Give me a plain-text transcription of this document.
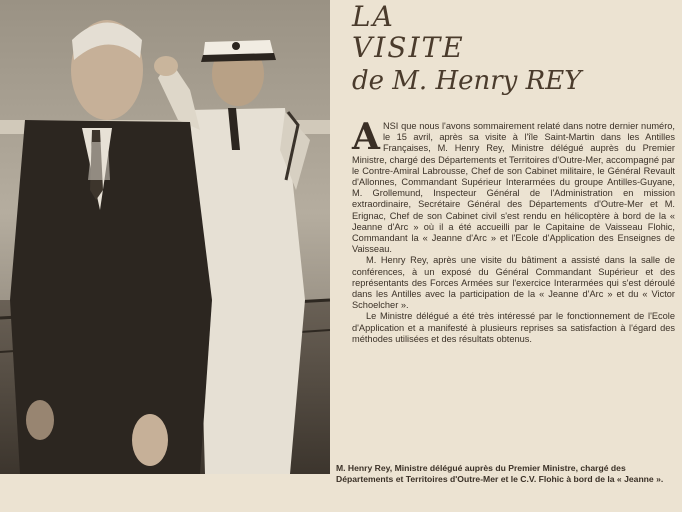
LA
VISITE
de M. Henry REY

ANSI que nous l'avons sommairement relaté dans notre dernier numéro, le 15 avril, après sa visite à l'île Saint-Martin dans les Antilles Françaises, M. Henry Rey, Ministre délégué auprès du Premier Ministre, chargé des Départements et Territoires d'Outre-Mer, accompagné par le Contre-Amiral Labrousse, Chef de son Cabinet militaire, le Général Revault d'Allonnes, Commandant Supérieur Interarmées du groupe Antilles-Guyane, M. Grollemund, Inspecteur Général de l'Administration en mission extraordinaire, Secrétaire Général des Départements d'Outre-Mer et M. Erignac, Chef de son Cabinet civil s'est rendu en hélicoptère à bord de la « Jeanne d'Arc » où il a été accueilli par le Capitaine de Vaisseau Flohic, Commandant la « Jeanne d'Arc » et l'Ecole d'Application des Enseignes de Vaisseau.

M. Henry Rey, après une visite du bâtiment a assisté dans la salle de conférences, à un exposé du Général Commandant Supérieur et des représentants des Forces Armées sur l'exercice Interarmées qui s'est déroulé dans les Antilles avec la participation de la « Jeanne d'Arc » et du « Victor Schoelcher ».

Le Ministre délégué a été très intéressé par le fonctionnement de l'Ecole d'Application et a manifesté à plusieurs reprises sa satisfaction à l'égard des méthodes utilisées et des résultats obtenus.

M. Henry Rey, Ministre délégué auprès du Premier Ministre, chargé des Départements et Territoires d'Outre-Mer et le C.V. Flohic à bord de la « Jeanne ».
